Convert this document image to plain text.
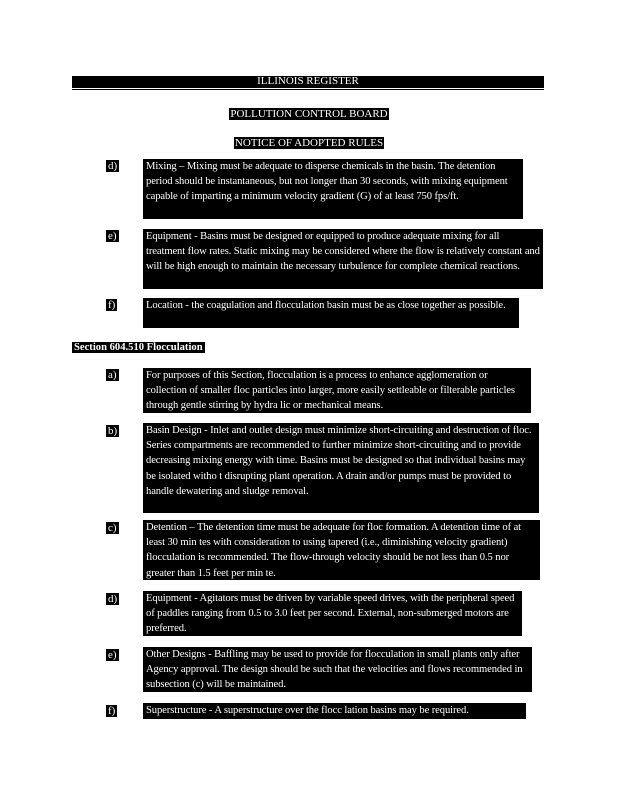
ILLINOIS REGISTER
POLLUTION CONTROL BOARD
NOTICE OF ADOPTED RULES
d)	Mixing – Mixing must be adequate to disperse chemicals in the basin. The detention period should be instantaneous, but not longer than 30 seconds, with mixing equipment capable of imparting a minimum velocity gradient (G) of at least 750 fps/ft.
e)	Equipment - Basins must be designed or equipped to produce adequate mixing for all treatment flow rates. Static mixing may be considered where the flow is relatively constant and will be high enough to maintain the necessary turbulence for complete chemical reactions.
f)	Location - the coagulation and flocculation basin must be as close together as possible.
Section 604.510 Flocculation
a)	For purposes of this Section, flocculation is a process to enhance agglomeration or collection of smaller floc particles into larger, more easily settleable or filterable particles through gentle stirring by hydra lic or mechanical means.
b)	Basin Design - Inlet and outlet design must minimize short-circuiting and destruction of floc. Series compartments are recommended to further minimize short-circuiting and to provide decreasing mixing energy with time. Basins must be designed so that individual basins may be isolated witho t disrupting plant operation. A drain and/or pumps must be provided to handle dewatering and sludge removal.
c)	Detention – The detention time must be adequate for floc formation. A detention time of at least 30 min tes with consideration to using tapered (i.e., diminishing velocity gradient) flocculation is recommended. The flow-through velocity should be not less than 0.5 nor greater than 1.5 feet per min te.
d)	Equipment - Agitators must be driven by variable speed drives, with the peripheral speed of paddles ranging from 0.5 to 3.0 feet per second. External, non-submerged motors are preferred.
e)	Other Designs - Baffling may be used to provide for flocculation in small plants only after Agency approval. The design should be such that the velocities and flows recommended in subsection (c) will be maintained.
f)	Superstructure - A superstructure over the flocc lation basins may be required.
